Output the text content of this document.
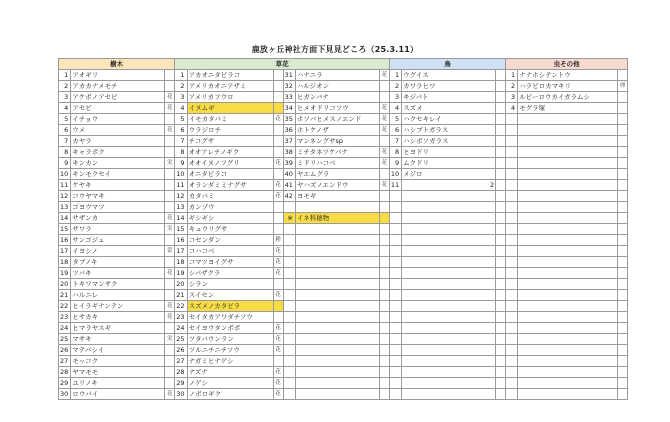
鹿放ヶ丘神社方面下見見どころ（25.3.11）
樹木			草花						鳥			虫その他		
1	アオギリ		1	アカオニタビラコ		31	ハナニラ	花	1	ウグイス		1	ナナホシテントウ	
2	アカカナメモチ		2	アメリカオニアザミ		32	ハルジオン		2	カワラヒワ		2	ハラビロカマキリ	卵
3	アケボノアセビ	花	3	アメリカフウロ		33	ヒガンバナ		3	キジバト		3	ルビーロウカイガラムシ	
4	アセビ	花	4	イヌムギ		34	ヒメオドリコソウ	花	4	スズメ		4	モグラ塚	
5	イチョウ		5	イモカタバミ	花	35	ホソバヒメスノエンド	花	5	ハクセキレイ				
6	ウメ	花	6	ウラジロチ		36	ホトケノザ	花	6	ハシブトガラス				
7	カヤラ		7	チコグサ		37	マンネングサsp		7	ハシボソガラス				
8	キャラボク		8	オオアレチノギク		38	ミチタネツケバナ	花	8	ヒヨドリ				
9	キンカン	実	9	オオイヌノフグリ	花	39	ミドリハコベ	花	9	ムクドリ				
10	キンモクセイ		10	オニタビラコ		40	ヤエムグラ		10	メジロ				
11	ケヤキ		11	オランダミミナグサ	花	41	ヤハズノエンドウ	花	11	2				
12	コウヤマキ		12	カタバミ	花	42	ヨモギ							
13	ゴヨウマツ		13	カンゾウ										
14	サザンカ	花	14	ギシギシ		※	イネ科穂物							
15	サワラ	実	15	キュウリグサ										
16	サンゴジュ		16	コセンダン	種									
17	イヨシノ	蕾	17	コハコベ	花									
18	タブノキ		18	コマツヨイグサ	花									
19	ツバキ	花	19	シバザクラ	花									
20	トキワマンサク		20	シラン										
21	ハルニレ		21	スイセン	花									
22	ヒイラギナンテン	花	22	スズメノカタビラ										
23	ヒサカキ	花	23	セイタカアワダチソウ										
24	ヒマラヤスギ		24	セイヨウタンポポ	花									
25	マサキ	実	25	ツタバウンラン	花									
26	マテバシイ		26	ツルニチニチソウ	花									
27	モッコク		27	ナガミヒナゲシ										
28	ヤマモモ		28	ナズナ	花									
29	ユリノキ		29	ノゲシ	花									
30	ロウバイ	花	30	ノボロギク	花									
